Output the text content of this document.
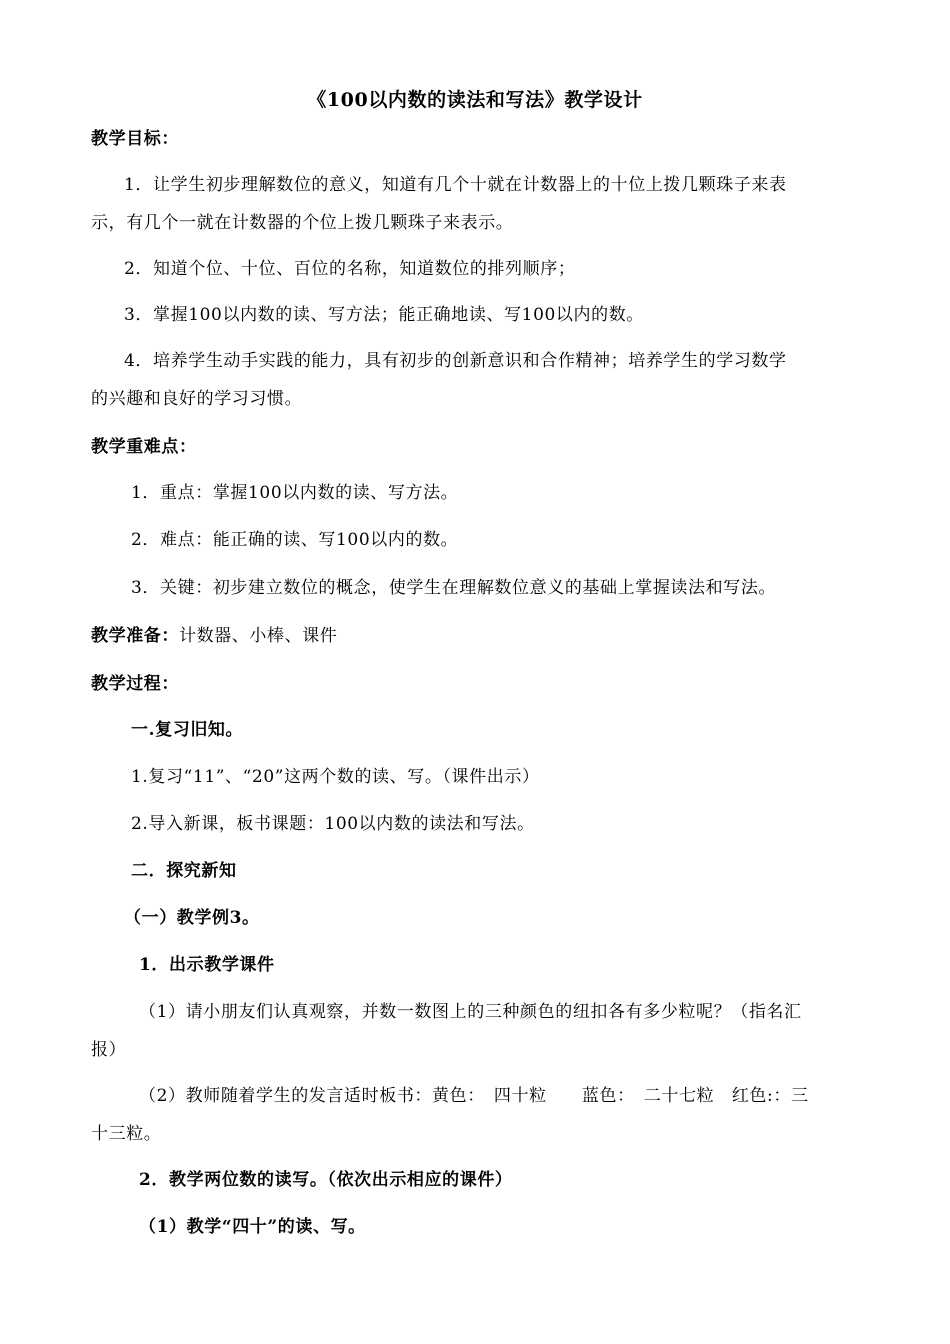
《100以内数的读法和写法》教学设计
教学目标：
1．让学生初步理解数位的意义，知道有几个十就在计数器上的十位上拨几颗珠子来表
示，有几个一就在计数器的个位上拨几颗珠子来表示。
2．知道个位、十位、百位的名称，知道数位的排列顺序；
3．掌握100以内数的读、写方法；能正确地读、写100以内的数。
4．培养学生动手实践的能力，具有初步的创新意识和合作精神；培养学生的学习数学
的兴趣和良好的学习习惯。
教学重难点：
1．重点：掌握100以内数的读、写方法。
2．难点：能正确的读、写100以内的数。
3．关键：初步建立数位的概念，使学生在理解数位意义的基础上掌握读法和写法。
教学准备：计数器、小棒、课件
教学过程：
一.复习旧知。
1.复习“11”、“20”这两个数的读、写。（课件出示）
2.导入新课，板书课题：100以内数的读法和写法。
二．探究新知
（一）教学例3。
1．出示教学课件
（1）请小朋友们认真观察，并数一数图上的三种颜色的纽扣各有多少粒呢？（指名汇
报）
（2）教师随着学生的发言适时板书：黄色：　四十粒　　蓝色：　二十七粒　红色:：三
十三粒。
2．教学两位数的读写。（依次出示相应的课件）
（1）教学“四十”的读、写。
